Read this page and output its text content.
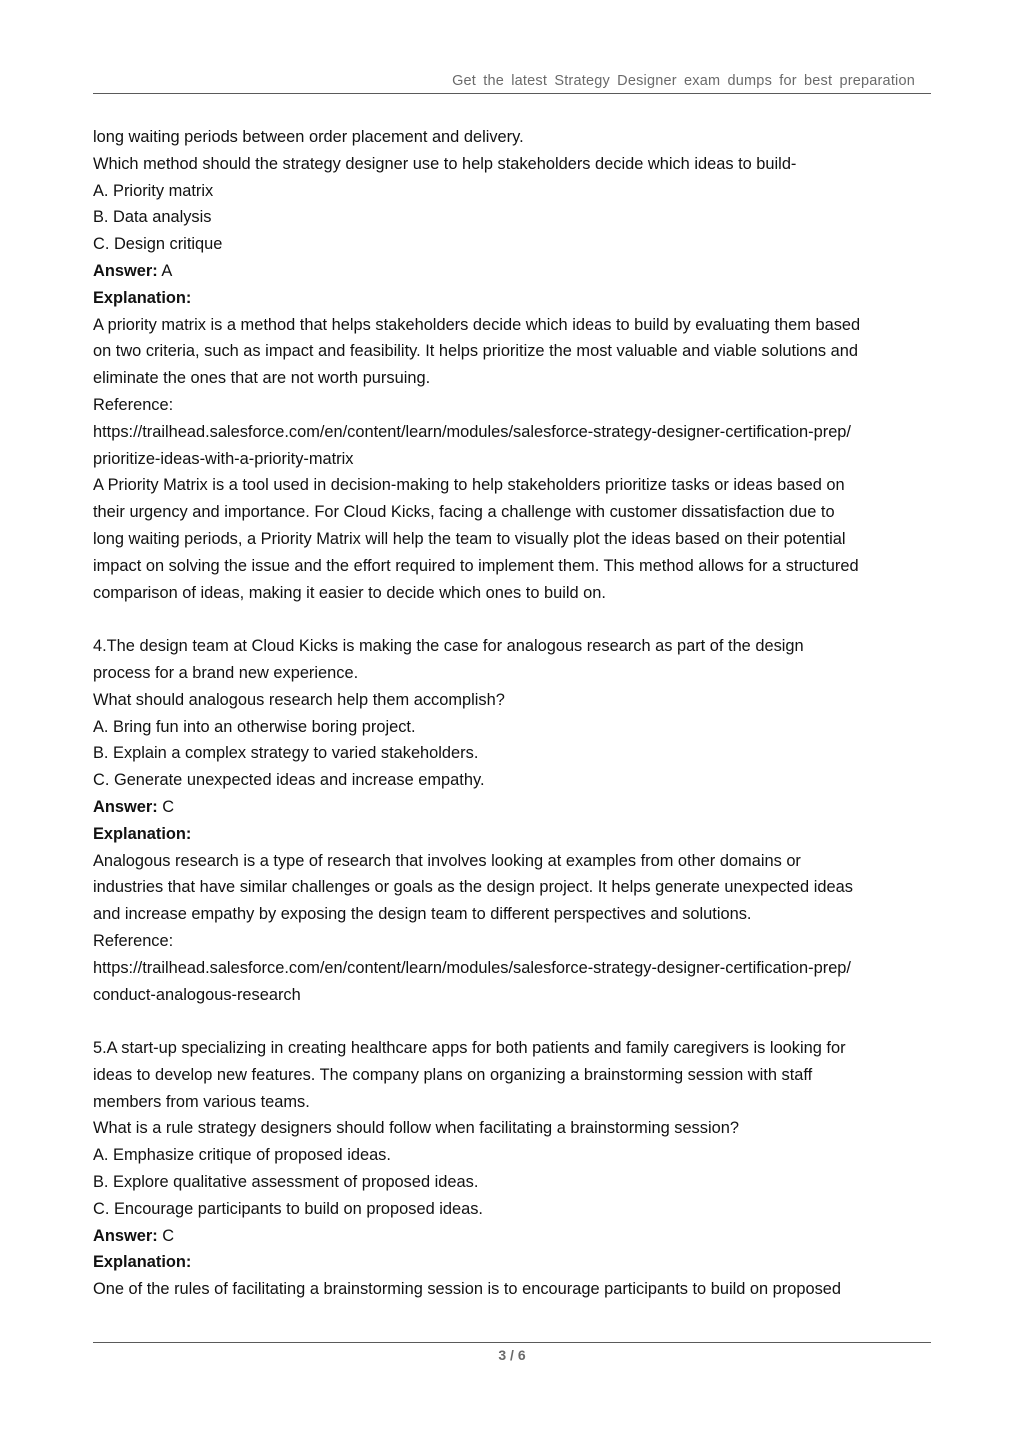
Get the latest Strategy Designer exam dumps for best preparation

long waiting periods between order placement and delivery.

Which method should the strategy designer use to help stakeholders decide which ideas to build-

A. Priority matrix

B. Data analysis

C. Design critique

Answer: A

Explanation:

A priority matrix is a method that helps stakeholders decide which ideas to build by evaluating them based

on two criteria, such as impact and feasibility. It helps prioritize the most valuable and viable solutions and

eliminate the ones that are not worth pursuing.

Reference:

https://trailhead.salesforce.com/en/content/learn/modules/salesforce-strategy-designer-certification-prep/

prioritize-ideas-with-a-priority-matrix

A Priority Matrix is a tool used in decision-making to help stakeholders prioritize tasks or ideas based on

their urgency and importance. For Cloud Kicks, facing a challenge with customer dissatisfaction due to

long waiting periods, a Priority Matrix will help the team to visually plot the ideas based on their potential

impact on solving the issue and the effort required to implement them. This method allows for a structured

comparison of ideas, making it easier to decide which ones to build on.

4.The design team at Cloud Kicks is making the case for analogous research as part of the design

process for a brand new experience.

What should analogous research help them accomplish?

A. Bring fun into an otherwise boring project.

B. Explain a complex strategy to varied stakeholders.

C. Generate unexpected ideas and increase empathy.

Answer: C

Explanation:

Analogous research is a type of research that involves looking at examples from other domains or

industries that have similar challenges or goals as the design project. It helps generate unexpected ideas

and increase empathy by exposing the design team to different perspectives and solutions.

Reference:

https://trailhead.salesforce.com/en/content/learn/modules/salesforce-strategy-designer-certification-prep/

conduct-analogous-research

5.A start-up specializing in creating healthcare apps for both patients and family caregivers is looking for

ideas to develop new features. The company plans on organizing a brainstorming session with staff

members from various teams.

What is a rule strategy designers should follow when facilitating a brainstorming session?

A. Emphasize critique of proposed ideas.

B. Explore qualitative assessment of proposed ideas.

C. Encourage participants to build on proposed ideas.

Answer: C

Explanation:

One of the rules of facilitating a brainstorming session is to encourage participants to build on proposed

3 / 6
